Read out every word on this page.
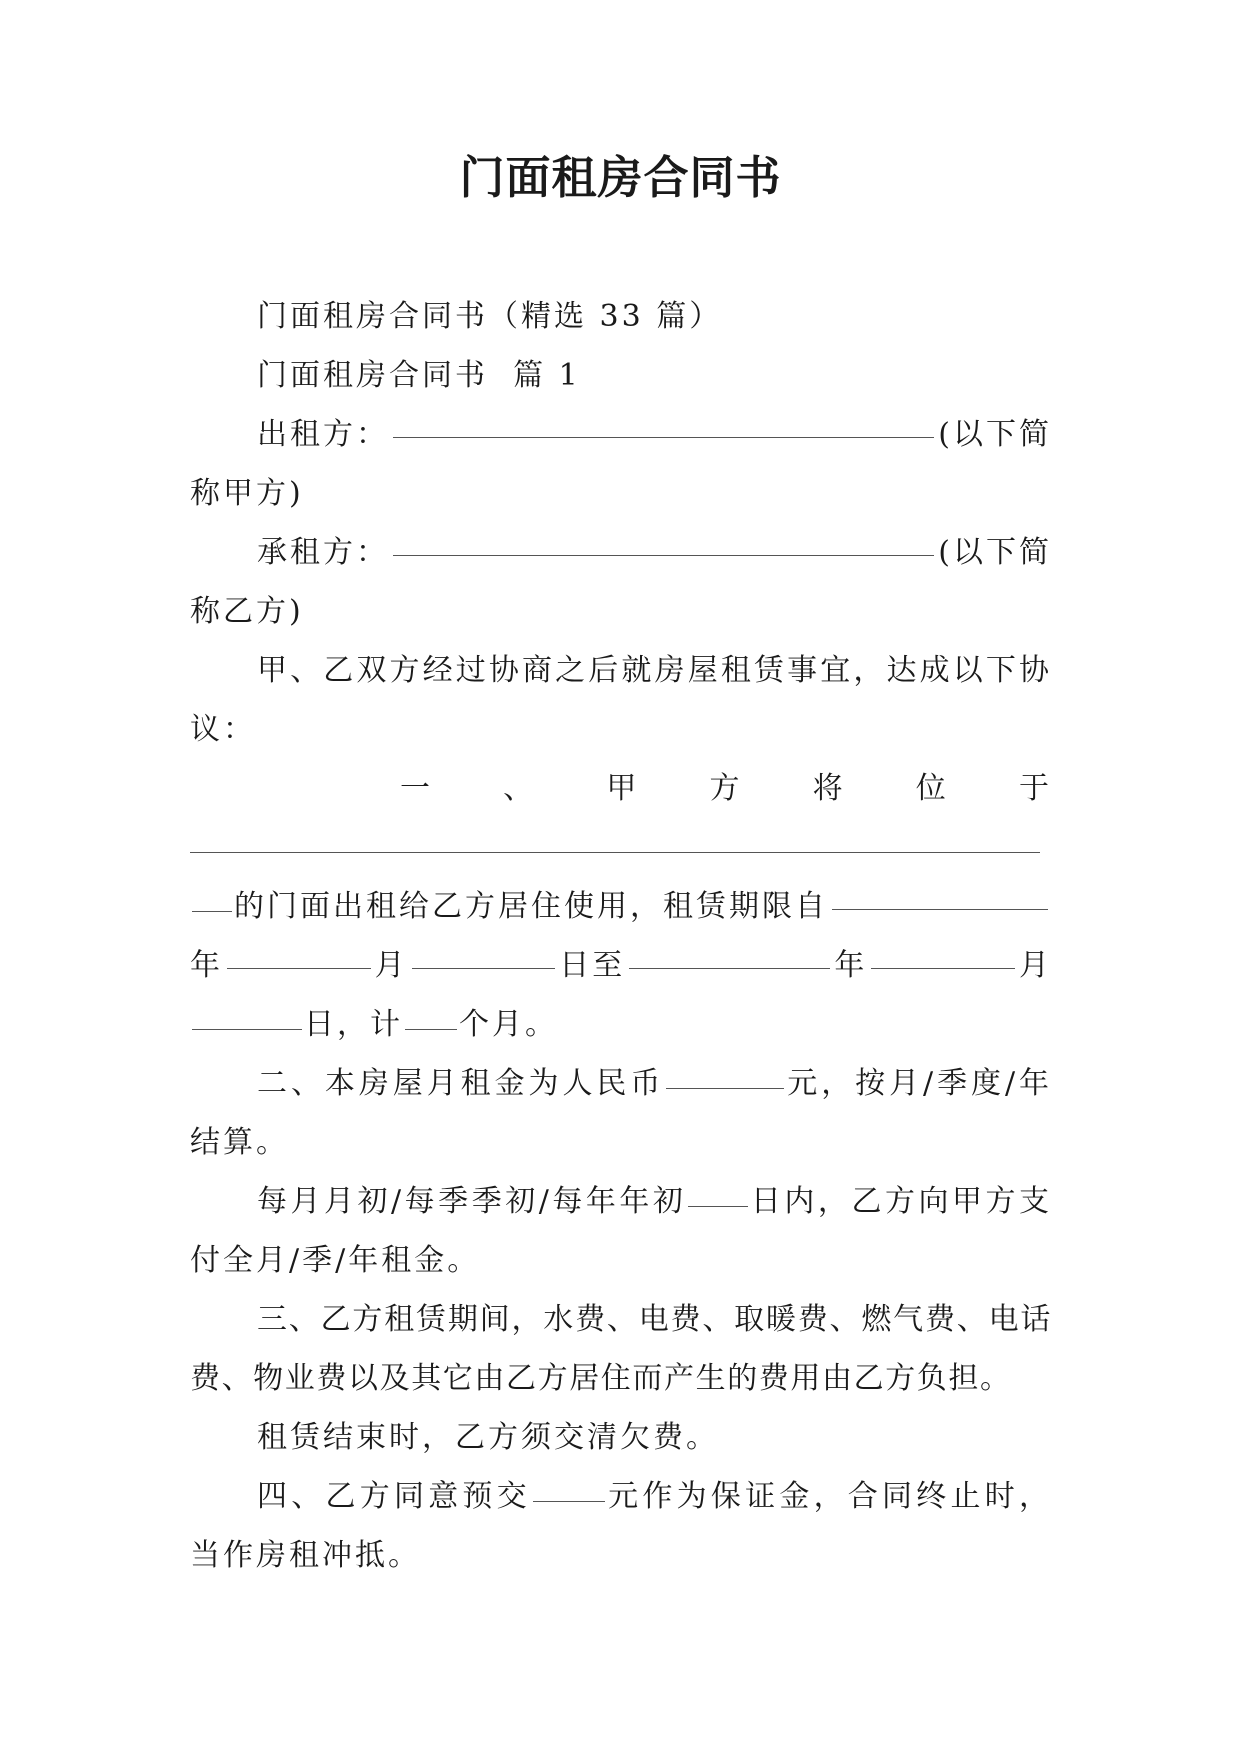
门面租房合同书

门面租房合同书（精选 33 篇）

门面租房合同书  篇 1

出租方：	(以下简

称甲方)

承租方：	(以下简

称乙方)

甲、乙双方经过协商之后就房屋租赁事宜，达成以下协议：

一 、 甲 方 将 位 于

的门面出租给乙方居住使用，租赁期限自

年	月	日至	年	月

日，计 个月。

二、本房屋月租金为人民币	元，按月/季度/年结算。

每月月初/每季季初/每年年初 日内，乙方向甲方支付全月/季/年租金。

三、乙方租赁期间，水费、电费、取暖费、燃气费、电话费、物业费以及其它由乙方居住而产生的费用由乙方负担。

租赁结束时，乙方须交清欠费。

四、乙方同意预交	元作为保证金，合同终止时，当作房租冲抵。
